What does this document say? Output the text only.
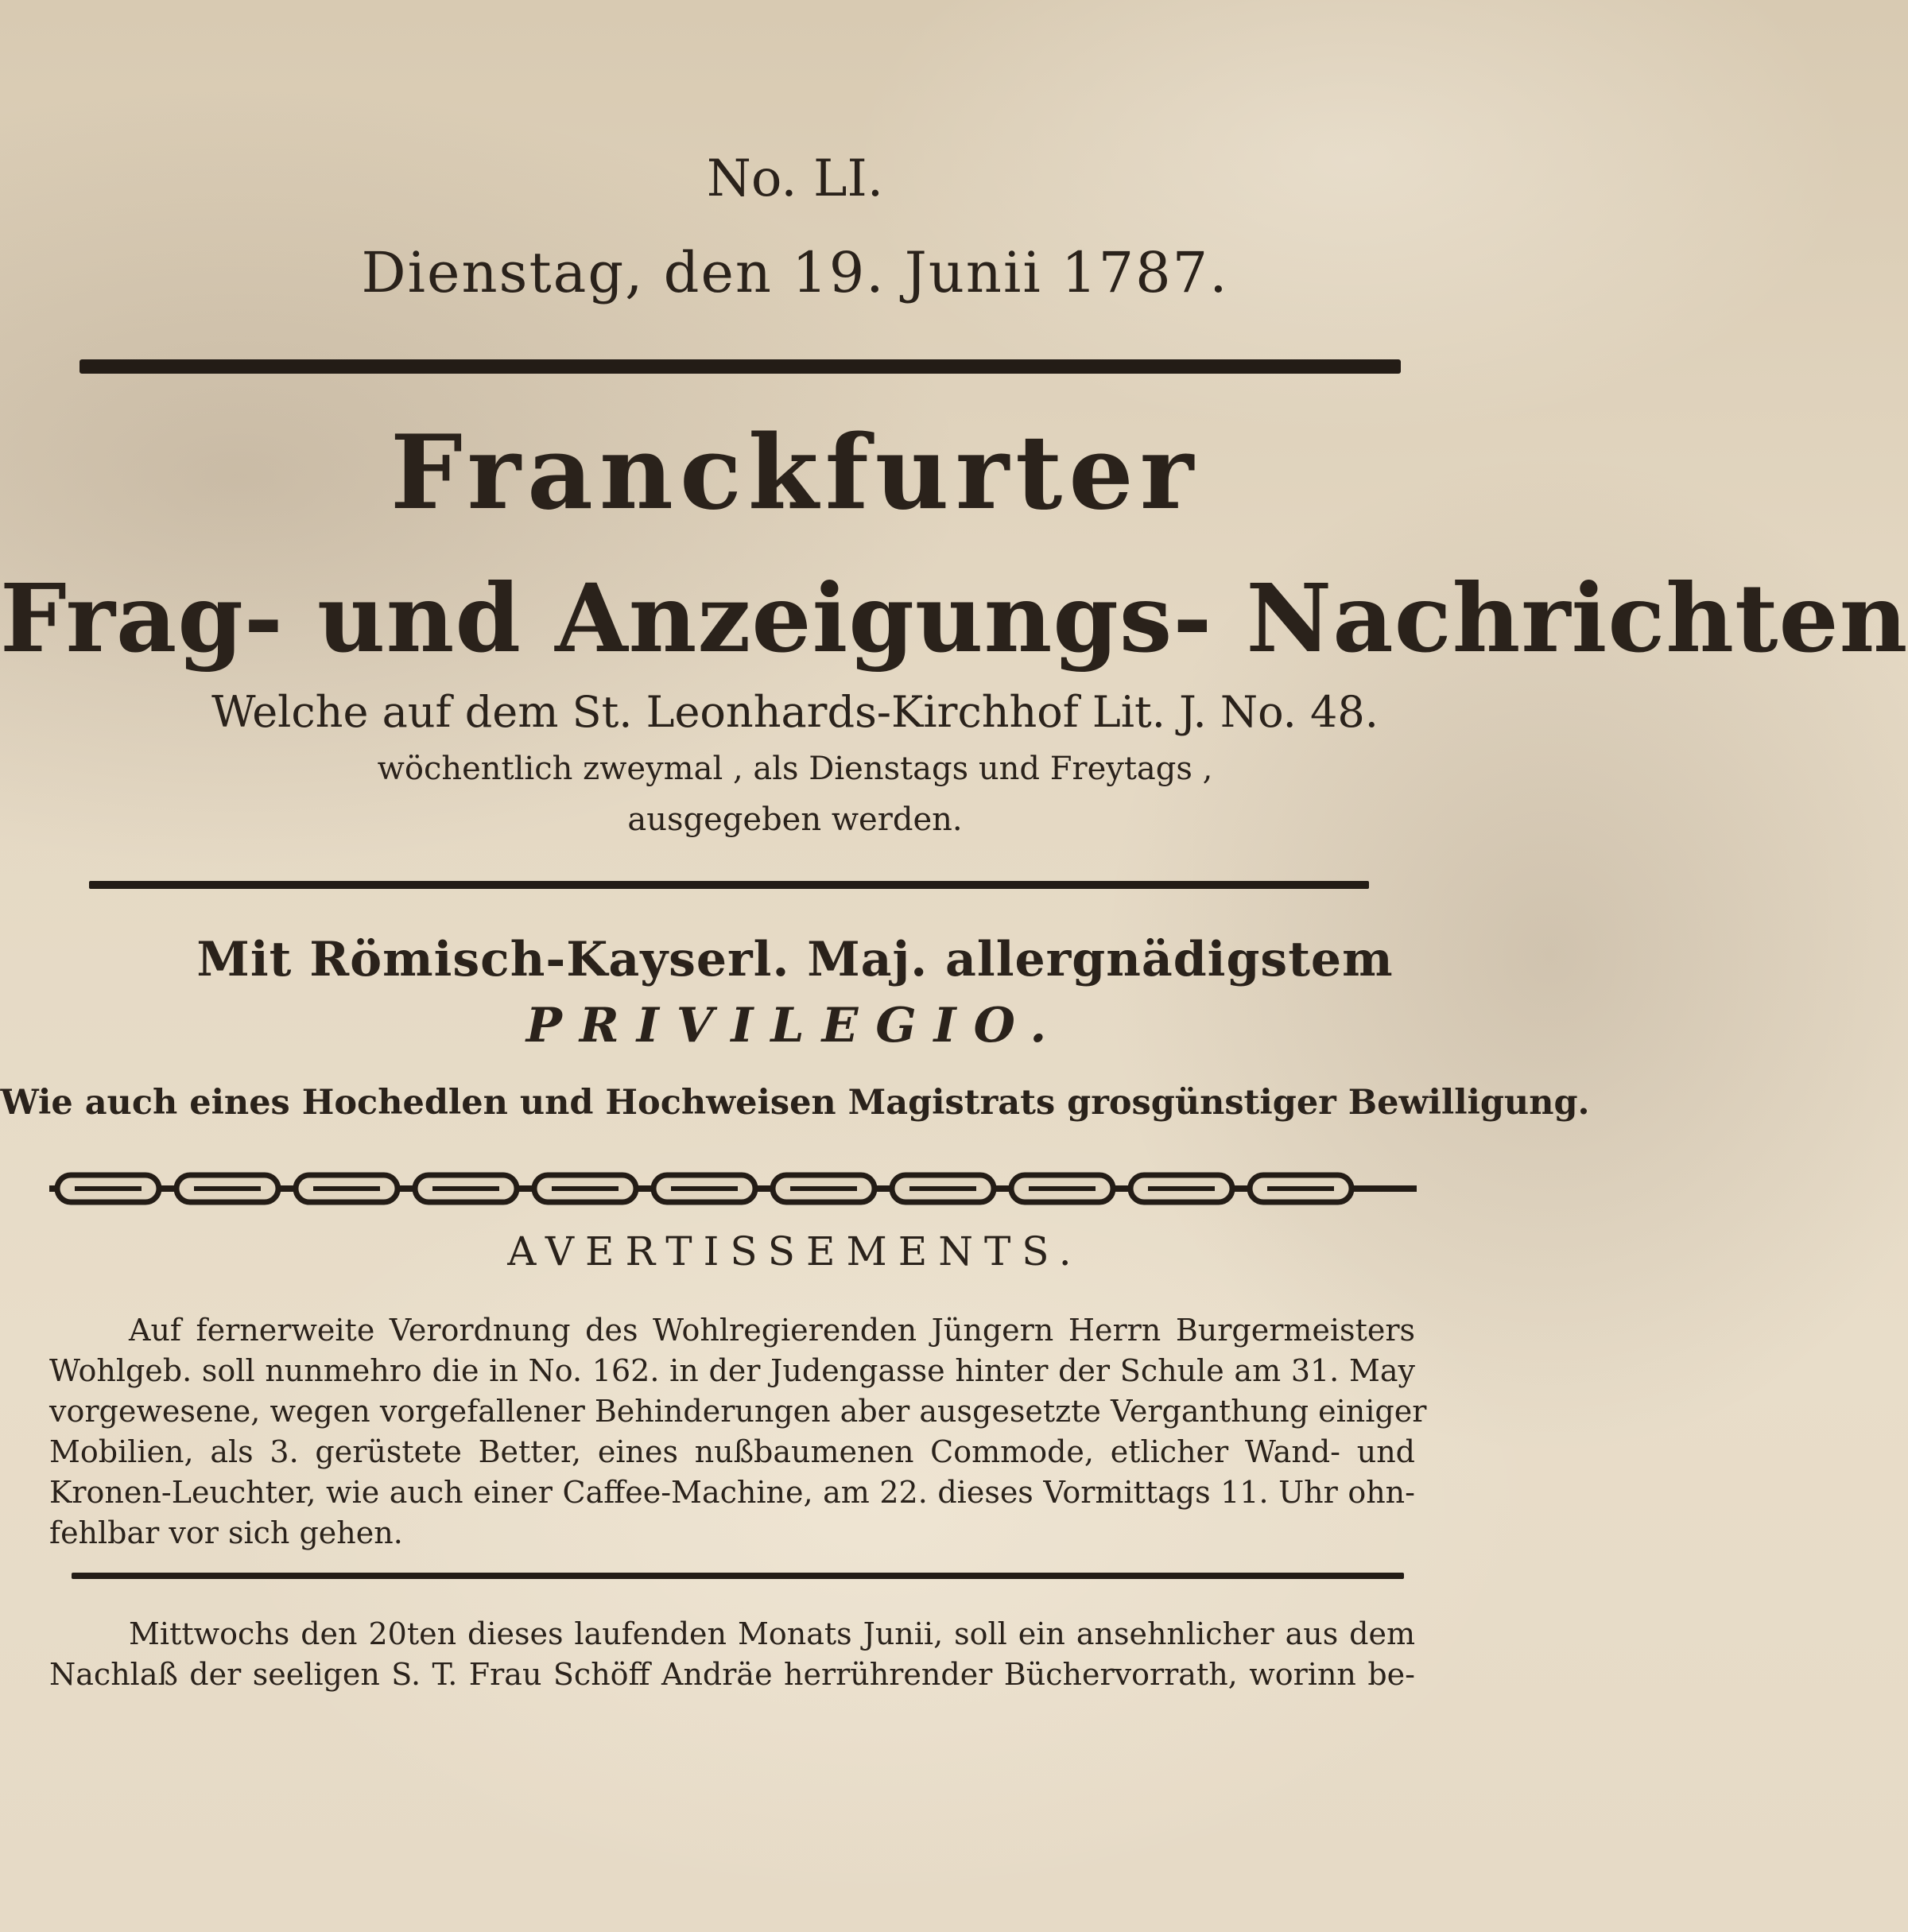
No. LI.
Dienstag, den 19. Junii 1787.
Franckfurter
Frag- und Anzeigungs- Nachrichten
Welche auf dem St. Leonhards-Kirchhof Lit. J. No. 48.
wöchentlich zweymal , als Dienstags und Freytags ,
ausgegeben werden.
Mit Römisch-Kayserl. Maj. allergnädigstem
PRIVILEGIO.
Wie auch eines Hochedlen und Hochweisen Magistrats grosgünstiger Bewilligung.
AVERTISSEMENTS.
Auf fernerweite Verordnung des Wohlregierenden Jüngern Herrn Burgermeisters
Wohlgeb. soll nunmehro die in No. 162. in der Judengasse hinter der Schule am 31. May
vorgewesene, wegen vorgefallener Behinderungen aber ausgesetzte Verganthung einiger
Mobilien, als 3. gerüstete Better, eines nußbaumenen Commode, etlicher Wand- und
Kronen-Leuchter, wie auch einer Caffee-Machine, am 22. dieses Vormittags 11. Uhr ohn-
fehlbar vor sich gehen.
Mittwochs den 20ten dieses laufenden Monats Junii, soll ein ansehnlicher aus dem
Nachlaß der seeligen S. T. Frau Schöff Andräe herrührender Büchervorrath, worinn be-
